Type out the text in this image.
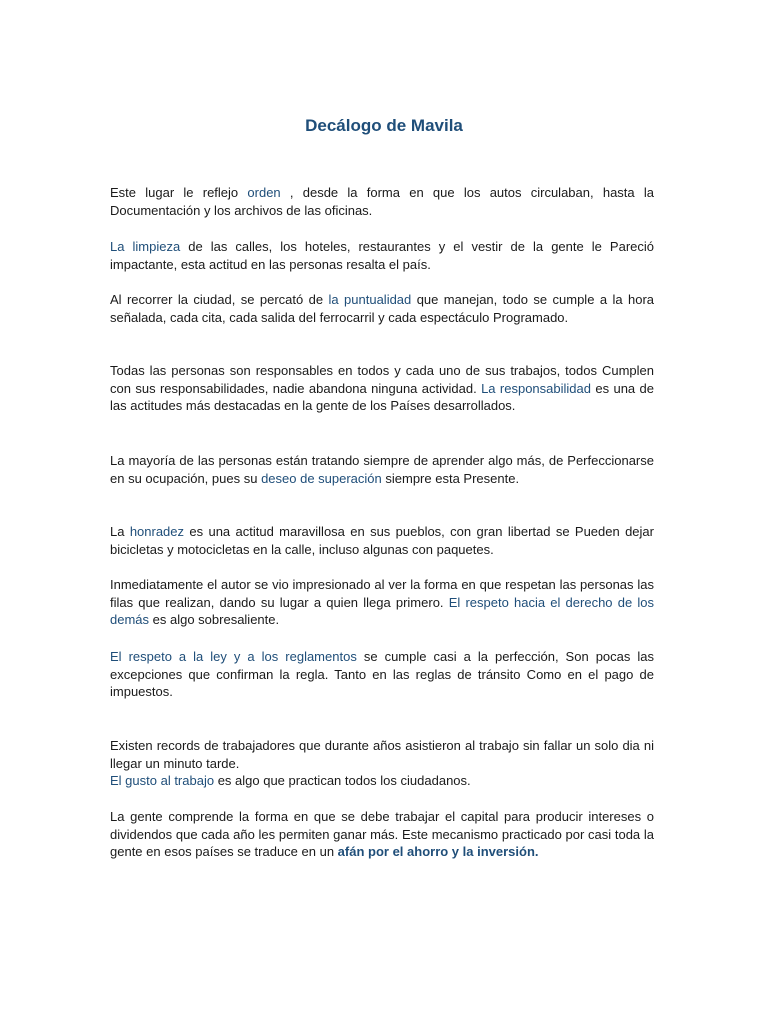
Decálogo de Mavila

Este lugar le reflejo orden , desde la forma en que los autos circulaban, hasta la Documentación y los archivos de las oficinas.

La limpieza de las calles, los hoteles, restaurantes y el vestir de la gente le Pareció impactante, esta actitud en las personas resalta el país.

Al recorrer la ciudad, se percató de la puntualidad que manejan, todo se cumple a la hora señalada, cada cita, cada salida del ferrocarril y cada espectáculo Programado.

Todas las personas son responsables en todos y cada uno de sus trabajos, todos Cumplen con sus responsabilidades, nadie abandona ninguna actividad. La responsabilidad es una de las actitudes más destacadas en la gente de los Países desarrollados.

La mayoría de las personas están tratando siempre de aprender algo más, de Perfeccionarse en su ocupación, pues su deseo de superación siempre esta Presente.

La honradez es una actitud maravillosa en sus pueblos, con gran libertad se Pueden dejar bicicletas y motocicletas en la calle, incluso algunas con paquetes.

Inmediatamente el autor se vio impresionado al ver la forma en que respetan las personas las filas que realizan, dando su lugar a quien llega primero. El respeto hacia el derecho de los demás es algo sobresaliente.

El respeto a la ley y a los reglamentos se cumple casi a la perfección, Son pocas las excepciones que confirman la regla. Tanto en las reglas de tránsito Como en el pago de impuestos.

Existen records de trabajadores que durante años asistieron al trabajo sin fallar un solo dia ni llegar un minuto tarde.
El gusto al trabajo es algo que practican todos los ciudadanos.

La gente comprende la forma en que se debe trabajar el capital para producir intereses o dividendos que cada año les permiten ganar más. Este mecanismo practicado por casi toda la gente en esos países se traduce en un afán por el ahorro y la inversión.
